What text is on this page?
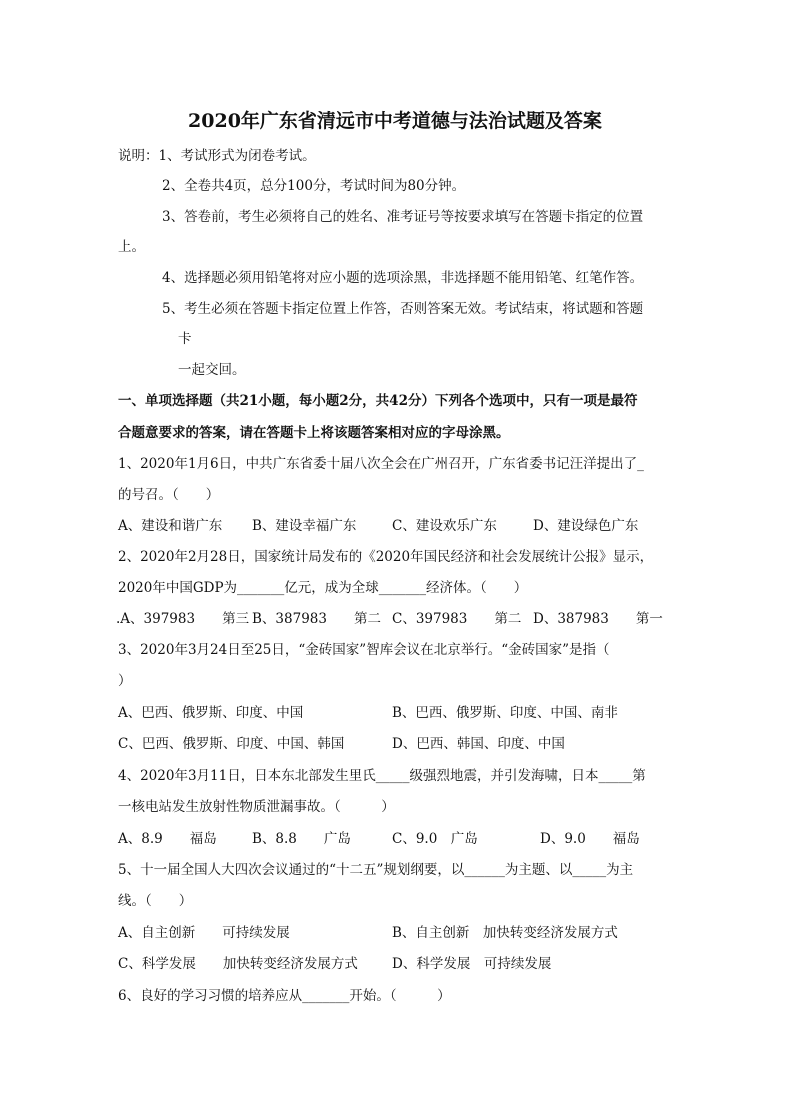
2020年广东省清远市中考道德与法治试题及答案
说明：1、考试形式为闭卷考试。
2、全卷共4页，总分100分，考试时间为80分钟。
3、答卷前，考生必须将自己的姓名、准考证号等按要求填写在答题卡指定的位置
上。
4、选择题必须用铅笔将对应小题的选项涂黑，非选择题不能用铅笔、红笔作答。
5、考生必须在答题卡指定位置上作答，否则答案无效。考试结束，将试题和答题
卡
一起交回。
一、单项选择题（共21小题，每小题2分，共42分）下列各个选项中，只有一项是最符
合题意要求的答案，请在答题卡上将该题答案相对应的字母涂黑。
1、2020年1月6日，中共广东省委十届八次全会在广州召开，广东省委书记汪洋提出了_
的号召。（　　）
A、建设和谐广东 B、建设幸福广东	C、建设欢乐广东	D、建设绿色广东
2、2020年2月28日，国家统计局发布的《2020年国民经济和社会发展统计公报》显示，
2020年中国GDP为_______亿元，成为全球_______经济体。（　　）
.A、397983　　第三 B、387983　　第二 C、397983　　第二 D、387983　　第一
3、2020年3月24日至25日，“金砖国家”智库会议在北京举行。“金砖国家”是指（
）
A、巴西、俄罗斯、印度、中国	B、巴西、俄罗斯、印度、中国、南非
C、巴西、俄罗斯、印度、中国、韩国	D、巴西、韩国、印度、中国
4、2020年3月11日，日本东北部发生里氏_____级强烈地震，并引发海啸，日本_____第
一核电站发生放射性物质泄漏事故。（　　　）
A、8.9　　福岛	B、8.8　　广岛	C、9.0　广岛	D、9.0　　福岛
5、十一届全国人大四次会议通过的“十二五”规划纲要，以______为主题、以_____为主
线。（　　）
A、自主创新　　可持续发展	B、自主创新　加快转变经济发展方式
C、科学发展　　加快转变经济发展方式	D、科学发展　可持续发展
6、良好的学习习惯的培养应从_______开始。（　　　）
